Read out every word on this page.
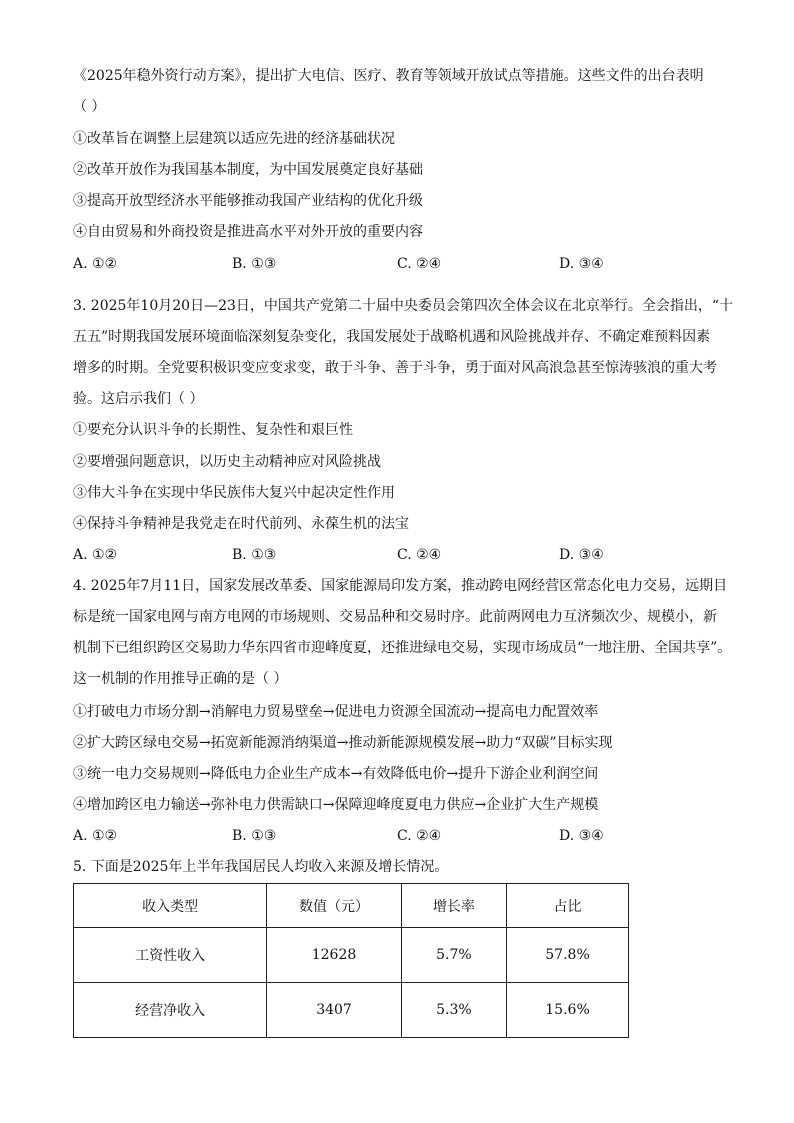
《2025年稳外资行动方案》，提出扩大电信、医疗、教育等领域开放试点等措施。这些文件的出台表明
（ ）
①改革旨在调整上层建筑以适应先进的经济基础状况
②改革开放作为我国基本制度，为中国发展奠定良好基础
③提高开放型经济水平能够推动我国产业结构的优化升级
④自由贸易和外商投资是推进高水平对外开放的重要内容
A. ①②	B. ①③	C. ②④	D. ③④
3. 2025年10月20日—23日，中国共产党第二十届中央委员会第四次全体会议在北京举行。全会指出，“十
五五”时期我国发展环境面临深刻复杂变化，我国发展处于战略机遇和风险挑战并存、不确定难预料因素
增多的时期。全党要积极识变应变求变，敢于斗争、善于斗争，勇于面对风高浪急甚至惊涛骇浪的重大考
验。这启示我们（ ）
①要充分认识斗争的长期性、复杂性和艰巨性
②要增强问题意识，以历史主动精神应对风险挑战
③伟大斗争在实现中华民族伟大复兴中起决定性作用
④保持斗争精神是我党走在时代前列、永葆生机的法宝
A. ①②	B. ①③	C. ②④	D. ③④
4. 2025年7月11日，国家发展改革委、国家能源局印发方案，推动跨电网经营区常态化电力交易，远期目
标是统一国家电网与南方电网的市场规则、交易品种和交易时序。此前两网电力互济频次少、规模小，新
机制下已组织跨区交易助力华东四省市迎峰度夏，还推进绿电交易，实现市场成员“一地注册、全国共享”。
这一机制的作用推导正确的是（ ）
①打破电力市场分割→消解电力贸易壁垒→促进电力资源全国流动→提高电力配置效率
②扩大跨区绿电交易→拓宽新能源消纳渠道→推动新能源规模发展→助力“双碳”目标实现
③统一电力交易规则→降低电力企业生产成本→有效降低电价→提升下游企业利润空间
④增加跨区电力输送→弥补电力供需缺口→保障迎峰度夏电力供应→企业扩大生产规模
A. ①②	B. ①③	C. ②④	D. ③④
5. 下面是2025年上半年我国居民人均收入来源及增长情况。
收入类型	数值（元）	增长率	占比
工资性收入	12628	5.7%	57.8%
经营净收入	3407	5.3%	15.6%
